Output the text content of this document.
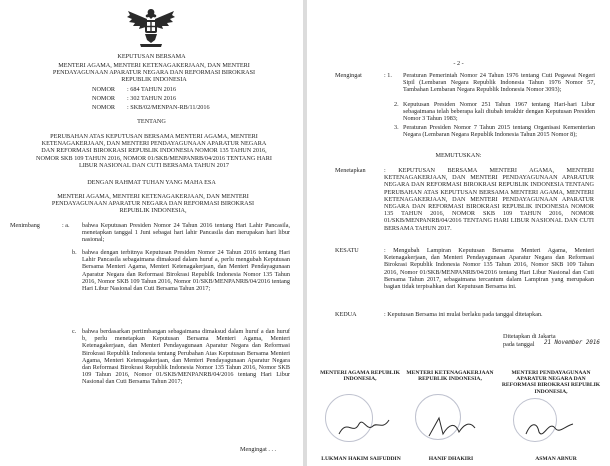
KEPUTUSAN BERSAMA

MENTERI AGAMA, MENTERI KETENAGAKERJAAN, DAN MENTERI PENDAYAGUNAAN APARATUR NEGARA DAN REFORMASI BIROKRASI REPUBLIK INDONESIA

NOMOR : 684 TAHUN 2016

NOMOR : 302 TAHUN 2016

NOMOR : SKB/02/MENPAN-RB/11/2016

TENTANG

PERUBAHAN ATAS KEPUTUSAN BERSAMA MENTERI AGAMA, MENTERI KETENAGAKERJAAN, DAN MENTERI PENDAYAGUNAAN APARATUR NEGARA DAN REFORMASI BIROKRASI REPUBLIK INDONESIA NOMOR 135 TAHUN 2016, NOMOR SKB 109 TAHUN 2016, NOMOR 01/SKB/MENPANRB/04/2016 TENTANG HARI LIBUR NASIONAL DAN CUTI BERSAMA TAHUN 2017

DENGAN RAHMAT TUHAN YANG MAHA ESA

MENTERI AGAMA, MENTERI KETENAGAKERJAAN, DAN MENTERI PENDAYAGUNAAN APARATUR NEGARA DAN REFORMASI BIROKRASI REPUBLIK INDONESIA,

Menimbang	: a. bahwa Keputusan Presiden Nomor 24 Tahun 2016 tentang Hari Lahir Pancasila, menetapkan tanggal 1 Juni sebagai hari lahir Pancasila dan merupakan hari libur nasional;

b. bahwa dengan terbitnya Keputusan Presiden Nomor 24 Tahun 2016 tentang Hari Lahir Pancasila sebagaimana dimaksud dalam huruf a, perlu mengubah Keputusan Bersama Menteri Agama, Menteri Ketenagakerjaan, dan Menteri Pendayagunaan Aparatur Negara dan Reformasi Birokrasi Republik Indonesia Nomor 135 Tahun 2016, Nomor SKB 109 Tahun 2016, Nomor 01/SKB/MENPANRB/04/2016 tentang Hari Libur Nasional dan Cuti Bersama Tahun 2017;

c. bahwa berdasarkan pertimbangan sebagaimana dimaksud dalam huruf a dan huruf b, perlu menetapkan Keputusan Bersama Menteri Agama, Menteri Ketenagakerjaan, dan Menteri Pendayagunaan Aparatur Negara dan Reformasi Birokrasi Republik Indonesia tentang Perubahan Atas Keputusan Bersama Menteri Agama, Menteri Ketenagakerjaan, dan Menteri Pendayagunaan Aparatur Negara dan Reformasi Birokrasi Republik Indonesia Nomor 135 Tahun 2016, Nomor SKB 109 Tahun 2016, Nomor 01/SKB/MENPANRB/04/2016 tentang Hari Libur Nasional dan Cuti Bersama Tahun 2017;

Mengingat . . .

- 2 -

Mengingat	: 1. Peraturan Pemerintah Nomor 24 Tahun 1976 tentang Cuti Pegawai Negeri Sipil (Lembaran Negara Republik Indonesia Tahun 1976 Nomor 57, Tambahan Lembaran Negara Republik Indonesia Nomor 3093);

2. Keputusan Presiden Nomor 251 Tahun 1967 tentang Hari-hari Libur sebagaimana telah beberapa kali diubah terakhir dengan Keputusan Presiden Nomor 3 Tahun 1983;

3. Peraturan Presiden Nomor 7 Tahun 2015 tentang Organisasi Kementerian Negara (Lembaran Negara Republik Indonesia Tahun 2015 Nomor 8);

MEMUTUSKAN:

Menetapkan	: KEPUTUSAN BERSAMA MENTERI AGAMA, MENTERI KETENAGAKERJAAN, DAN MENTERI PENDAYAGUNAAN APARATUR NEGARA DAN REFORMASI BIROKRASI REPUBLIK INDONESIA TENTANG PERUBAHAN ATAS KEPUTUSAN BERSAMA MENTERI AGAMA, MENTERI KETENAGAKERJAAN, DAN MENTERI PENDAYAGUNAAN APARATUR NEGARA DAN REFORMASI BIROKRASI REPUBLIK INDONESIA NOMOR 135 TAHUN 2016, NOMOR SKB 109 TAHUN 2016, NOMOR 01/SKB/MENPANRB/04/2016 TENTANG HARI LIBUR NASIONAL DAN CUTI BERSAMA TAHUN 2017.

KESATU	: Mengubah Lampiran Keputusan Bersama Menteri Agama, Menteri Ketenagakerjaan, dan Menteri Pendayagunaan Aparatur Negara dan Reformasi Birokrasi Republik Indonesia Nomor 135 Tahun 2016, Nomor SKB 109 Tahun 2016, Nomor 01/SKB/MENPANRB/04/2016 tentang Hari Libur Nasional dan Cuti Bersama Tahun 2017, sebagaimana tercantum dalam Lampiran yang merupakan bagian tidak terpisahkan dari Keputusan Bersama ini.

KEDUA	: Keputusan Bersama ini mulai berlaku pada tanggal ditetapkan.

Ditetapkan di Jakarta

pada tanggal 21 November 2016

MENTERI AGAMA REPUBLIK INDONESIA,

MENTERI KETENAGAKERJAAN REPUBLIK INDONESIA,

MENTERI PENDAYAGUNAAN APARATUR NEGARA DAN REFORMASI BIROKRASI REPUBLIK INDONESIA,

LUKMAN HAKIM SAIFUDDIN	HANIF DHAKIRI	ASMAN ABNUR
